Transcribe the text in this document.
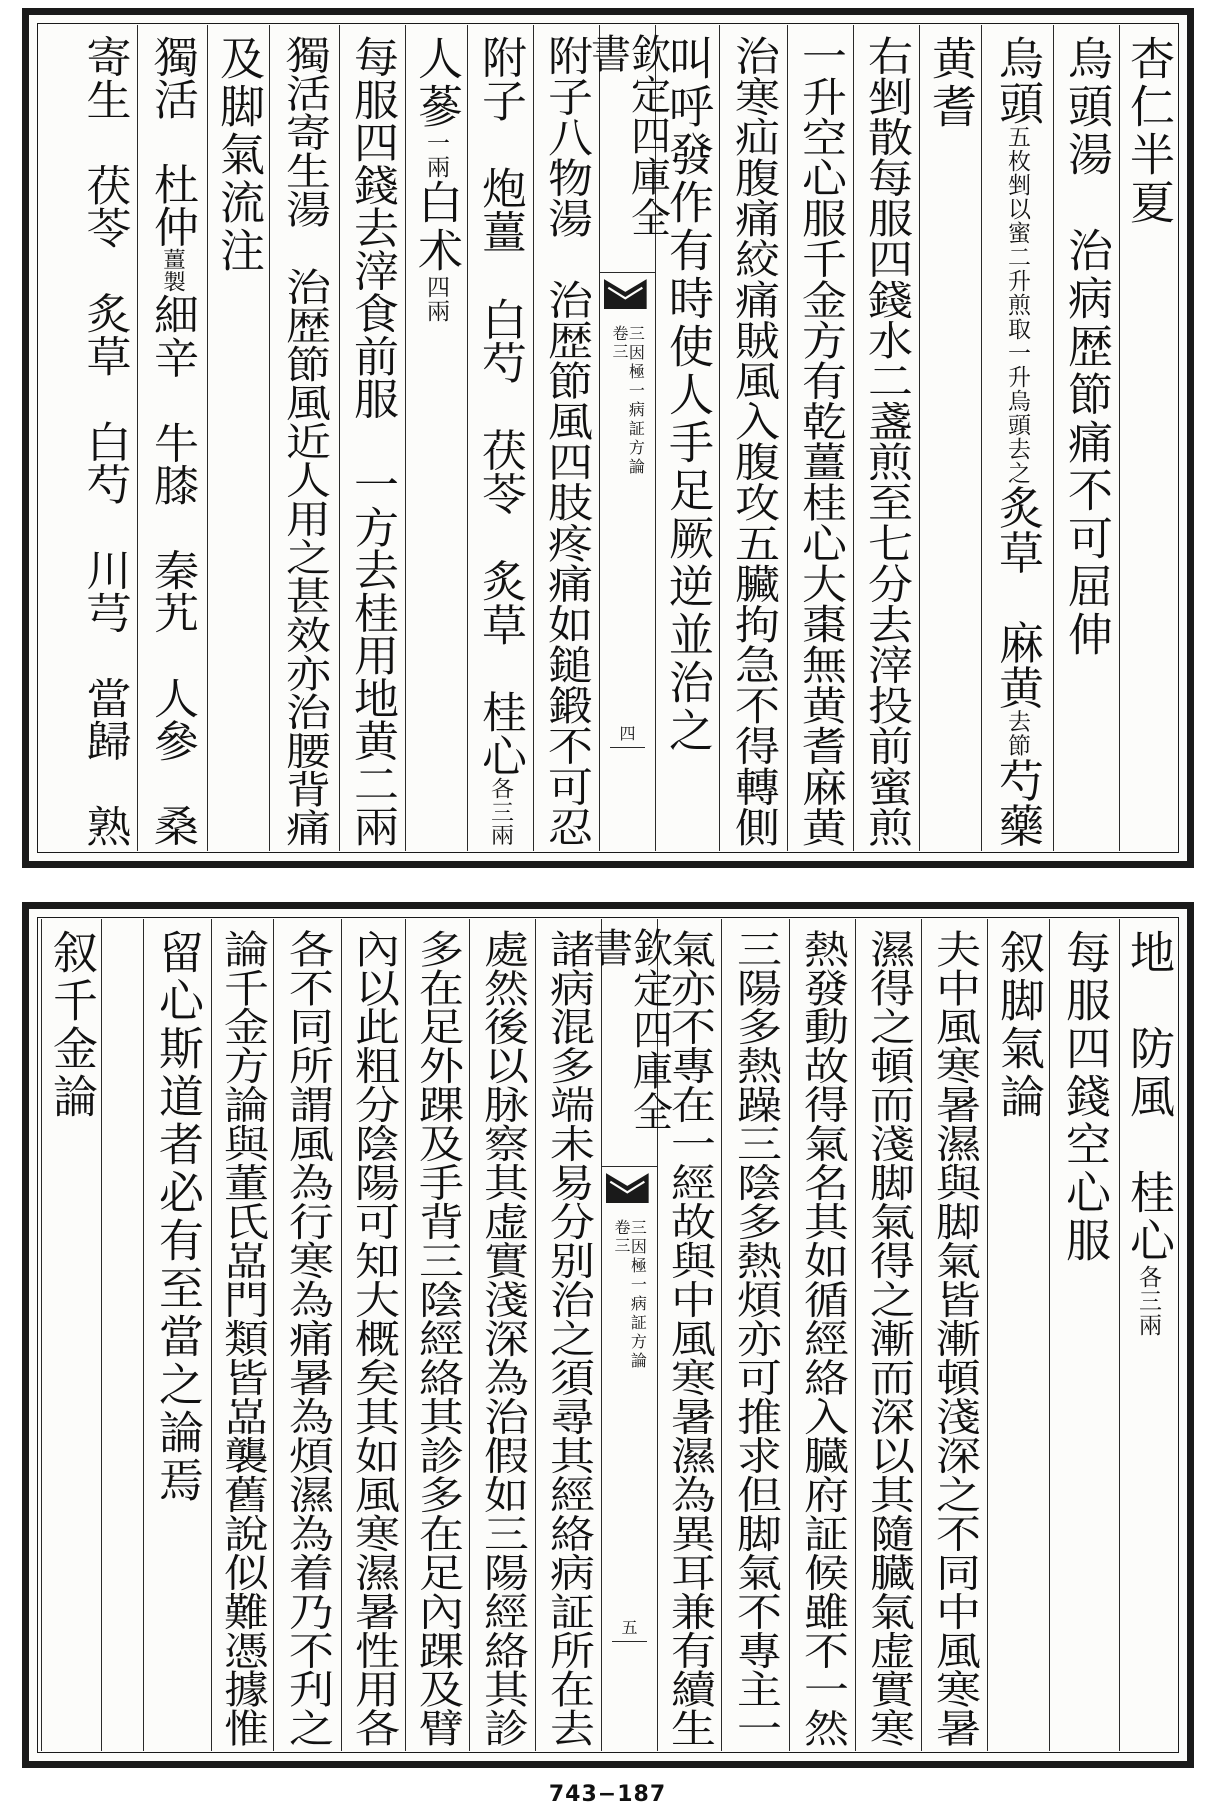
杏仁半夏
烏頭湯　治病歴節痛不可屈伸
烏頭五枚剉以蜜二升煎取一升烏頭去之炙草　麻黄去節芍藥
黄耆
右剉散每服四錢水二盞煎至七分去滓投前蜜煎
一升空心服千金方有乾薑桂心大棗無黄耆麻黄
治寒疝腹痛絞痛賊風入腹攻五臟拘急不得轉側
叫呼發作有時使人手足厥逆並治之
欽定四庫全書
三因極一病証方論
卷三
四
附子八物湯　治歴節風四肢疼痛如鎚鍛不可忍
附子　炮薑　白芍　茯苓　炙草　桂心各三兩
人蔘一兩白术四兩
每服四錢去滓食前服　一方去桂用地黄二兩
獨活寄生湯　治歴節風近人用之甚效亦治腰背痛
及脚氣流注
獨活　杜仲薑製細辛　牛膝　秦艽　人參　桑
寄生　茯苓　炙草　白芍　川芎　當歸　熟
地　防風　桂心各三兩
每服四錢空心服
叙脚氣論
夫中風寒暑濕與脚氣皆漸頓淺深之不同中風寒暑
濕得之頓而淺脚氣得之漸而深以其隨臓氣虚實寒
熱發動故得氣名其如循經絡入臓府証候雖不一然
三陽多熱躁三陰多熱煩亦可推求但脚氣不專主一
氣亦不專在一經故與中風寒暑濕為異耳兼有續生
欽定四庫全書
三因極一病証方論
卷三
五
諸病混多端未易分别治之須尋其經絡病証所在去
處然後以脉察其虚實淺深為治假如三陽經絡其診
多在足外踝及手背三陰經絡其診多在足內踝及臂
內以此粗分陰陽可知大概矣其如風寒濕暑性用各
各不同所謂風為行寒為痛暑為煩濕為着乃不刋之
論千金方論與董氏嵓門類皆嵓襲舊說似難憑據惟
留心斯道者必有至當之論焉
叙千金論
743−187
